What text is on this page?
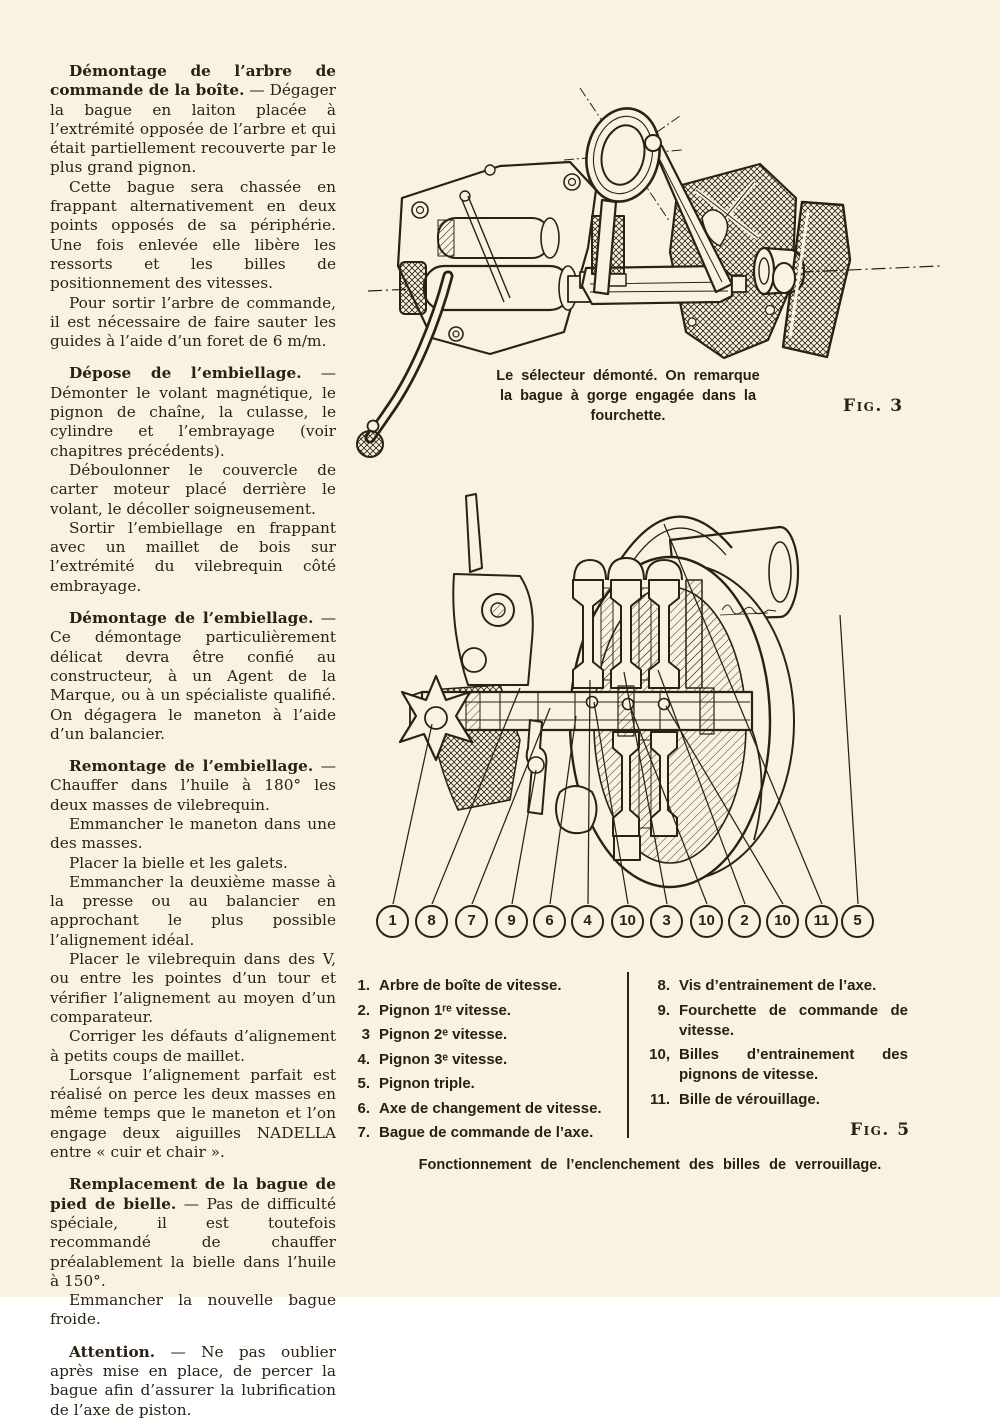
Démontage de l’arbre de commande de la boîte. — Dégager la bague en laiton placée à l’extrémité opposée de l’arbre et qui était partiellement recouverte par le plus grand pignon.

Cette bague sera chassée en frappant alternativement en deux points opposés de sa périphérie. Une fois enlevée elle libère les ressorts et les billes de positionnement des vitesses.

Pour sortir l’arbre de commande, il est nécessaire de faire sauter les guides à l’aide d’un foret de 6 m/m.

Dépose de l’embiellage. — Démonter le volant magnétique, le pignon de chaîne, la culasse, le cylindre et l’embrayage (voir chapitres précédents).

Déboulonner le couvercle de carter moteur placé derrière le volant, le décoller soigneusement.

Sortir l’embiellage en frappant avec un maillet de bois sur l’extrémité du vilebrequin côté embrayage.

Démontage de l’embiellage. — Ce démontage particulièrement délicat devra être confié au constructeur, à un Agent de la Marque, ou à un spécialiste qualifié. On dégagera le maneton à l’aide d’un balancier.

Remontage de l’embiellage. — Chauffer dans l’huile à 180° les deux masses de vilebrequin.

Emmancher le maneton dans une des masses.

Placer la bielle et les galets.

Emmancher la deuxième masse à la presse ou au balancier en approchant le plus possible l’alignement idéal.

Placer le vilebrequin dans des V, ou entre les pointes d’un tour et vérifier l’alignement au moyen d’un comparateur.

Corriger les défauts d’alignement à petits coups de maillet.

Lorsque l’alignement parfait est réalisé on perce les deux masses en même temps que le maneton et l’on engage deux aiguilles NADELLA entre « cuir et chair ».

Remplacement de la bague de pied de bielle. — Pas de difficulté spéciale, il est toutefois recommandé de chauffer préalablement la bielle dans l’huile à 150°.

Emmancher la nouvelle bague froide.

Attention. — Ne pas oublier après mise en place, de percer la bague afin d’assurer la lubrification de l’axe de piston.

Le sélecteur démonté. On remarque
la bague à gorge engagée dans la
fourchette.	Fig. 3
1	8	7	9	6	4	10	3	10	2	10	11	5
Fig. 5
1. Arbre de boîte de vitesse.
2. Pignon 1ʳᵉ vitesse.
3 Pignon 2ᵉ vitesse.
4. Pignon 3ᵉ vitesse.
5. Pignon triple.
6. Axe de changement de vitesse.
7. Bague de commande de l’axe.
8. Vis d’entrainement de l’axe.
9. Fourchette de commande de vitesse.
10, Billes d’entrainement des pignons de vitesse.
11. Bille de vérouillage.
Fonctionnement de l’enclenchement des billes de verrouillage.
